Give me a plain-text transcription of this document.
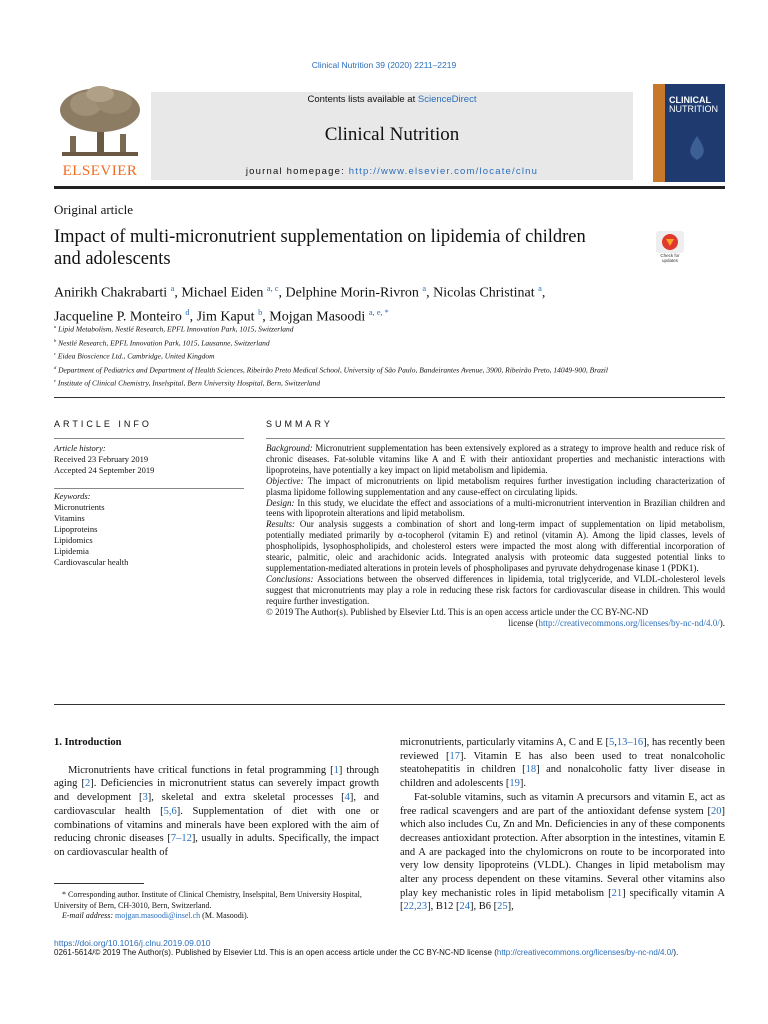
Clinical Nutrition 39 (2020) 2211–2219
ELSEVIER
Contents lists available at ScienceDirect
Clinical Nutrition
journal homepage: http://www.elsevier.com/locate/clnu
CLINICAL
NUTRITION
Original article
Impact of multi-micronutrient supplementation on lipidemia of children and adolescents	Check for updates
Anirikh Chakrabarti $^a$, Michael Eiden $^{a, c}$, Delphine Morin-Rivron $^a$, Nicolas Christinat $^a$,
Jacqueline P. Monteiro $^d$, Jim Kaput $^b$, Mojgan Masoodi $^{a, e, *}$
$^a$ Lipid Metabolism, Nestlé Research, EPFL Innovation Park, 1015, Switzerland
$^b$ Nestlé Research, EPFL Innovation Park, 1015, Lausanne, Switzerland
$^c$ Eidea Bioscience Ltd., Cambridge, United Kingdom
$^d$ Department of Pediatrics and Department of Health Sciences, Ribeirão Preto Medical School, University of São Paulo, Bandeirantes Avenue, 3900, Ribeirão Preto, 14049-900, Brazil
$^e$ Institute of Clinical Chemistry, Inselspital, Bern University Hospital, Bern, Switzerland
ARTICLE INFO
Article history:
Received 23 February 2019
Accepted 24 September 2019
Keywords:
Micronutrients
Vitamins
Lipoproteins
Lipidomics
Lipidemia
Cardiovascular health
SUMMARY

Background: Micronutrient supplementation has been extensively explored as a strategy to improve health and reduce risk of chronic diseases. Fat-soluble vitamins like A and E with their antioxidant properties and mechanistic interactions with lipoproteins, have potentially a key impact on lipid metabolism and lipidemia.

Objective: The impact of micronutrients on lipid metabolism requires further investigation including characterization of plasma lipidome following supplementation and any cause-effect on circulating lipids.

Design: In this study, we elucidate the effect and associations of a multi-micronutrient intervention in Brazilian children and teens with lipoprotein alterations and lipid metabolism.

Results: Our analysis suggests a combination of short and long-term impact of supplementation on lipid metabolism, potentially mediated primarily by α-tocopherol (vitamin E) and retinol (vitamin A). Among the lipid classes, levels of phospholipids, lysophospholipids, and cholesterol esters were impacted the most along with differential incorporation of stearic, palmitic, oleic and arachidonic acids. Integrated analysis with proteomic data suggested potential links to supplementation-mediated alterations in protein levels of phospholipases and pyruvate dehydrogenase kinase 1 (PDK1).

Conclusions: Associations between the observed differences in lipidemia, total triglyceride, and VLDL-cholesterol levels suggest that micronutrients may play a role in reducing these risk factors for cardiovascular disease in children. This would require further investigation.

© 2019 The Author(s). Published by Elsevier Ltd. This is an open access article under the CC BY-NC-ND

license (http://creativecommons.org/licenses/by-nc-nd/4.0/).

1. Introduction

Micronutrients have critical functions in fetal programming [1] through aging [2]. Deficiencies in micronutrient status can severely impact growth and development [3], skeletal and extra skeletal processes [4], and cardiovascular health [5,6]. Supplementation of diet with one or combinations of vitamins and minerals have been explored with the aim of reducing chronic diseases [7–12], usually in adults. Specifically, the impact on cardiovascular health of

micronutrients, particularly vitamins A, C and E [5,13–16], has recently been reviewed [17]. Vitamin E has also been used to treat nonalcoholic steatohepatitis in children [18] and nonalcoholic fatty liver disease in children and adolescents [19].

Fat-soluble vitamins, such as vitamin A precursors and vitamin E, act as free radical scavengers and are part of the antioxidant defense system [20] which also includes Cu, Zn and Mn. Deficiencies in any of these components decreases antioxidant protection. After absorption in the intestines, vitamin E and A are packaged into the chylomicrons on route to be incorporated into very low density lipoproteins (VLDL). Changes in lipid metabolism may alter any process dependent on these vitamins. Several other vitamins also play key mechanistic roles in lipid metabolism [21] specifically vitamin A [22,23], B12 [24], B6 [25],

* Corresponding author. Institute of Clinical Chemistry, Inselspital, Bern University Hospital, University of Bern, CH-3010, Bern, Switzerland.

E-mail address: mojgan.masoodi@insel.ch (M. Masoodi).

https://doi.org/10.1016/j.clnu.2019.09.010
0261-5614/© 2019 The Author(s). Published by Elsevier Ltd. This is an open access article under the CC BY-NC-ND license (http://creativecommons.org/licenses/by-nc-nd/4.0/).
